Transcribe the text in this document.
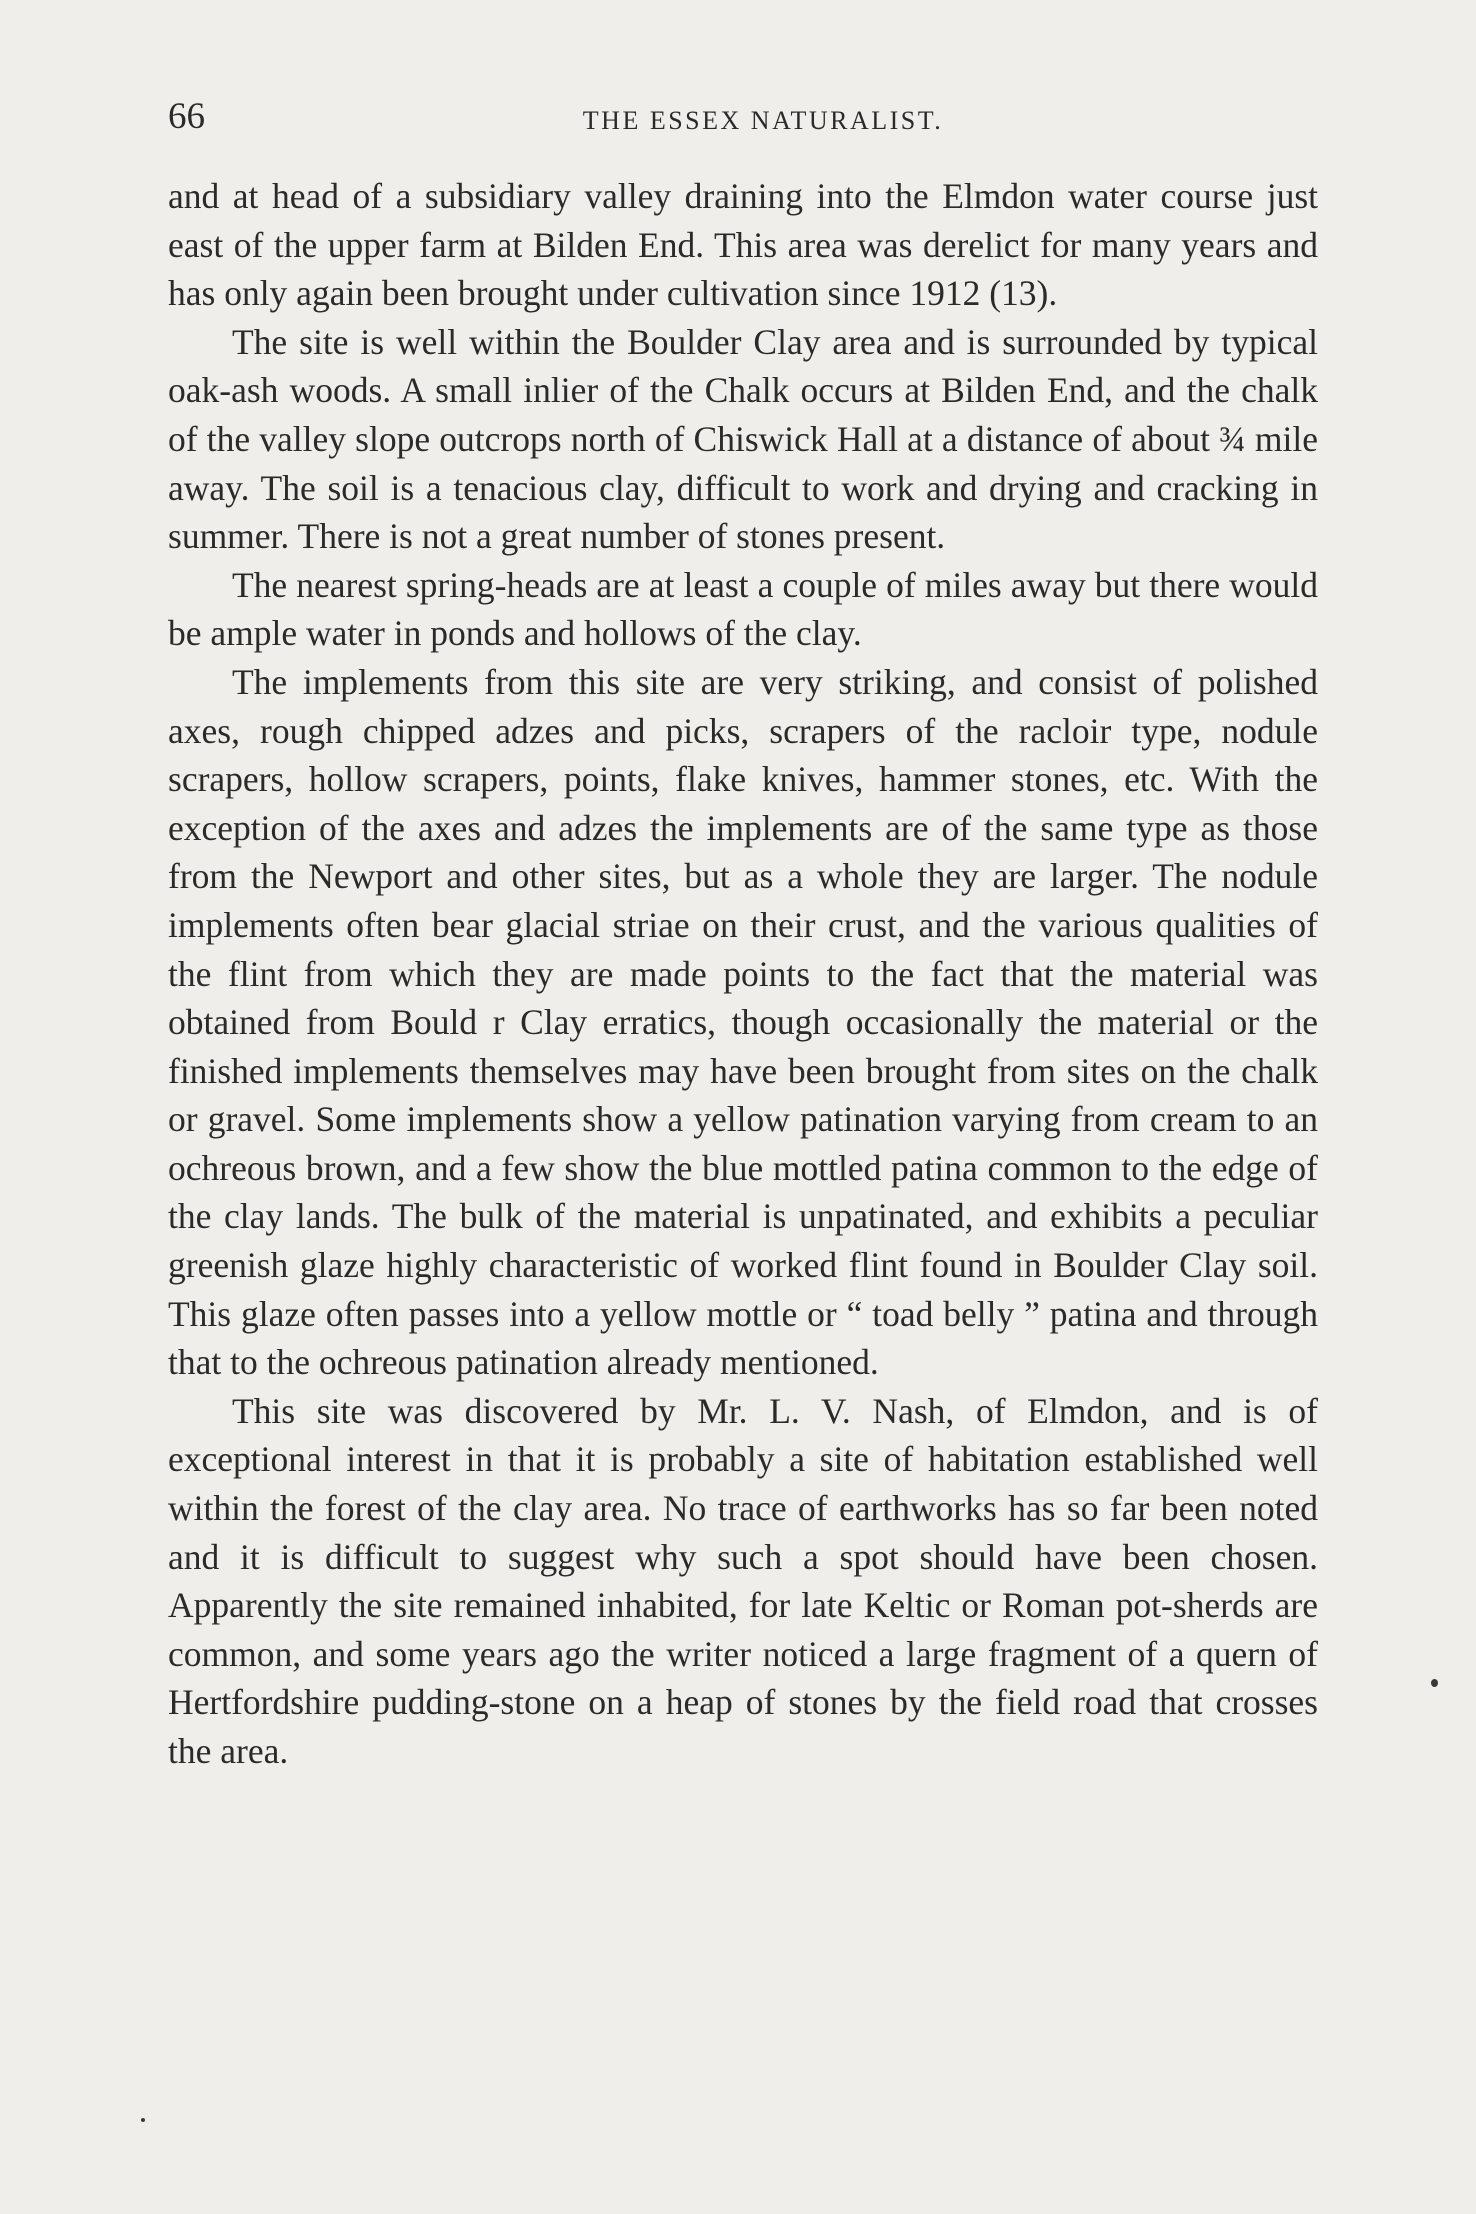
66	THE ESSEX NATURALIST.

and at head of a subsidiary valley draining into the Elmdon water course just east of the upper farm at Bilden End. This area was derelict for many years and has only again been brought under cultivation since 1912 (13).

The site is well within the Boulder Clay area and is surrounded by typical oak-ash woods. A small inlier of the Chalk occurs at Bilden End, and the chalk of the valley slope outcrops north of Chiswick Hall at a distance of about ¾ mile away. The soil is a tenacious clay, difficult to work and drying and cracking in summer. There is not a great number of stones present.

The nearest spring-heads are at least a couple of miles away but there would be ample water in ponds and hollows of the clay.

The implements from this site are very striking, and consist of polished axes, rough chipped adzes and picks, scrapers of the racloir type, nodule scrapers, hollow scrapers, points, flake knives, hammer stones, etc. With the exception of the axes and adzes the implements are of the same type as those from the Newport and other sites, but as a whole they are larger. The nodule implements often bear glacial striae on their crust, and the various qualities of the flint from which they are made points to the fact that the material was obtained from Bould r Clay erratics, though occasionally the material or the finished implements themselves may have been brought from sites on the chalk or gravel. Some implements show a yellow patination varying from cream to an ochreous brown, and a few show the blue mottled patina common to the edge of the clay lands. The bulk of the material is unpatinated, and exhibits a peculiar greenish glaze highly characteristic of worked flint found in Boulder Clay soil. This glaze often passes into a yellow mottle or “ toad belly ” patina and through that to the ochreous patination already mentioned.

This site was discovered by Mr. L. V. Nash, of Elmdon, and is of exceptional interest in that it is probably a site of habitation established well within the forest of the clay area. No trace of earthworks has so far been noted and it is difficult to suggest why such a spot should have been chosen. Apparently the site remained inhabited, for late Keltic or Roman pot-sherds are common, and some years ago the writer noticed a large fragment of a quern of Hertfordshire pudding-stone on a heap of stones by the field road that crosses the area.
